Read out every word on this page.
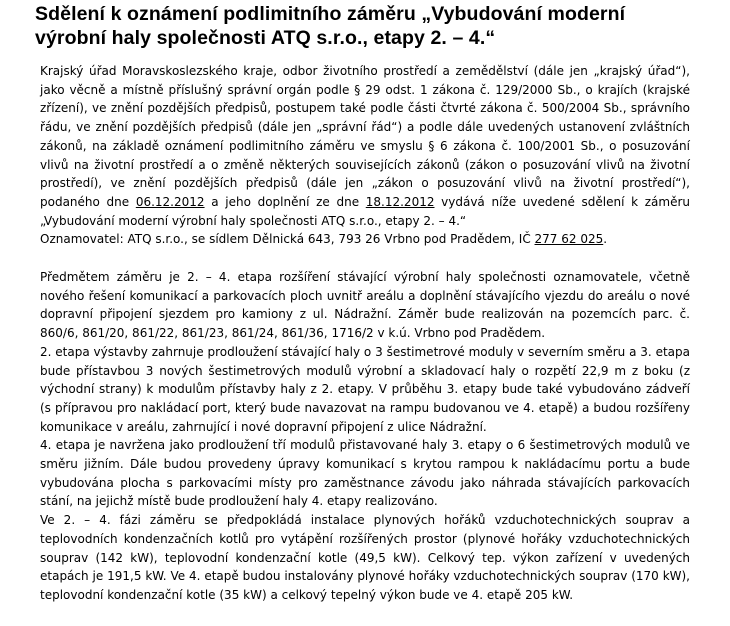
Sdělení k oznámení podlimitního záměru „Vybudování moderní výrobní haly společnosti ATQ s.r.o., etapy 2. – 4.“

Krajský úřad Moravskoslezského kraje, odbor životního prostředí a zemědělství (dále jen „krajský úřad“), jako věcně a místně příslušný správní orgán podle § 29 odst. 1 zákona č. 129/2000 Sb., o krajích (krajské zřízení), ve znění pozdějších předpisů, postupem také podle části čtvrté zákona č. 500/2004 Sb., správního řádu, ve znění pozdějších předpisů (dále jen „správní řád“) a podle dále uvedených ustanovení zvláštních zákonů, na základě oznámení podlimitního záměru ve smyslu § 6 zákona č. 100/2001 Sb., o posuzování vlivů na životní prostředí a o změně některých souvisejících zákonů (zákon o posuzování vlivů na životní prostředí), ve znění pozdějších předpisů (dále jen „zákon o posuzování vlivů na životní prostředí“), podaného dne 06.12.2012 a jeho doplnění ze dne 18.12.2012 vydává níže uvedené sdělení k záměru „Vybudování moderní výrobní haly společnosti ATQ s.r.o., etapy 2. – 4.“

Oznamovatel: ATQ s.r.o., se sídlem Dělnická 643, 793 26 Vrbno pod Pradědem, IČ 277 62 025.

Předmětem záměru je 2. – 4. etapa rozšíření stávající výrobní haly společnosti oznamovatele, včetně nového řešení komunikací a parkovacích ploch uvnitř areálu a doplnění stávajícího vjezdu do areálu o nové dopravní připojení sjezdem pro kamiony z ul. Nádražní. Záměr bude realizován na pozemcích parc. č. 860/6, 861/20, 861/22, 861/23, 861/24, 861/36, 1716/2 v k.ú. Vrbno pod Pradědem.

2. etapa výstavby zahrnuje prodloužení stávající haly o 3 šestimetrové moduly v severním směru a 3. etapa bude přístavbou 3 nových šestimetrových modulů výrobní a skladovací haly o rozpětí 22,9 m z boku (z východní strany) k modulům přístavby haly z 2. etapy. V průběhu 3. etapy bude také vybudováno zádveří (s přípravou pro nakládací port, který bude navazovat na rampu budovanou ve 4. etapě) a budou rozšířeny komunikace v areálu, zahrnující i nové dopravní připojení z ulice Nádražní.

4. etapa je navržena jako prodloužení tří modulů přistavované haly 3. etapy o 6 šestimetrových modulů ve směru jižním. Dále budou provedeny úpravy komunikací s krytou rampou k nakládacímu portu a bude vybudována plocha s parkovacími místy pro zaměstnance závodu jako náhrada stávajících parkovacích stání, na jejichž místě bude prodloužení haly 4. etapy realizováno.

Ve 2. – 4. fázi záměru se předpokládá instalace plynových hořáků vzduchotechnických souprav a teplovodních kondenzačních kotlů pro vytápění rozšířených prostor (plynové hořáky vzduchotechnických souprav (142 kW), teplovodní kondenzační kotle (49,5 kW). Celkový tep. výkon zařízení v uvedených etapách je 191,5 kW. Ve 4. etapě budou instalovány plynové hořáky vzduchotechnických souprav (170 kW), teplovodní kondenzační kotle (35 kW) a celkový tepelný výkon bude ve 4. etapě 205 kW.
